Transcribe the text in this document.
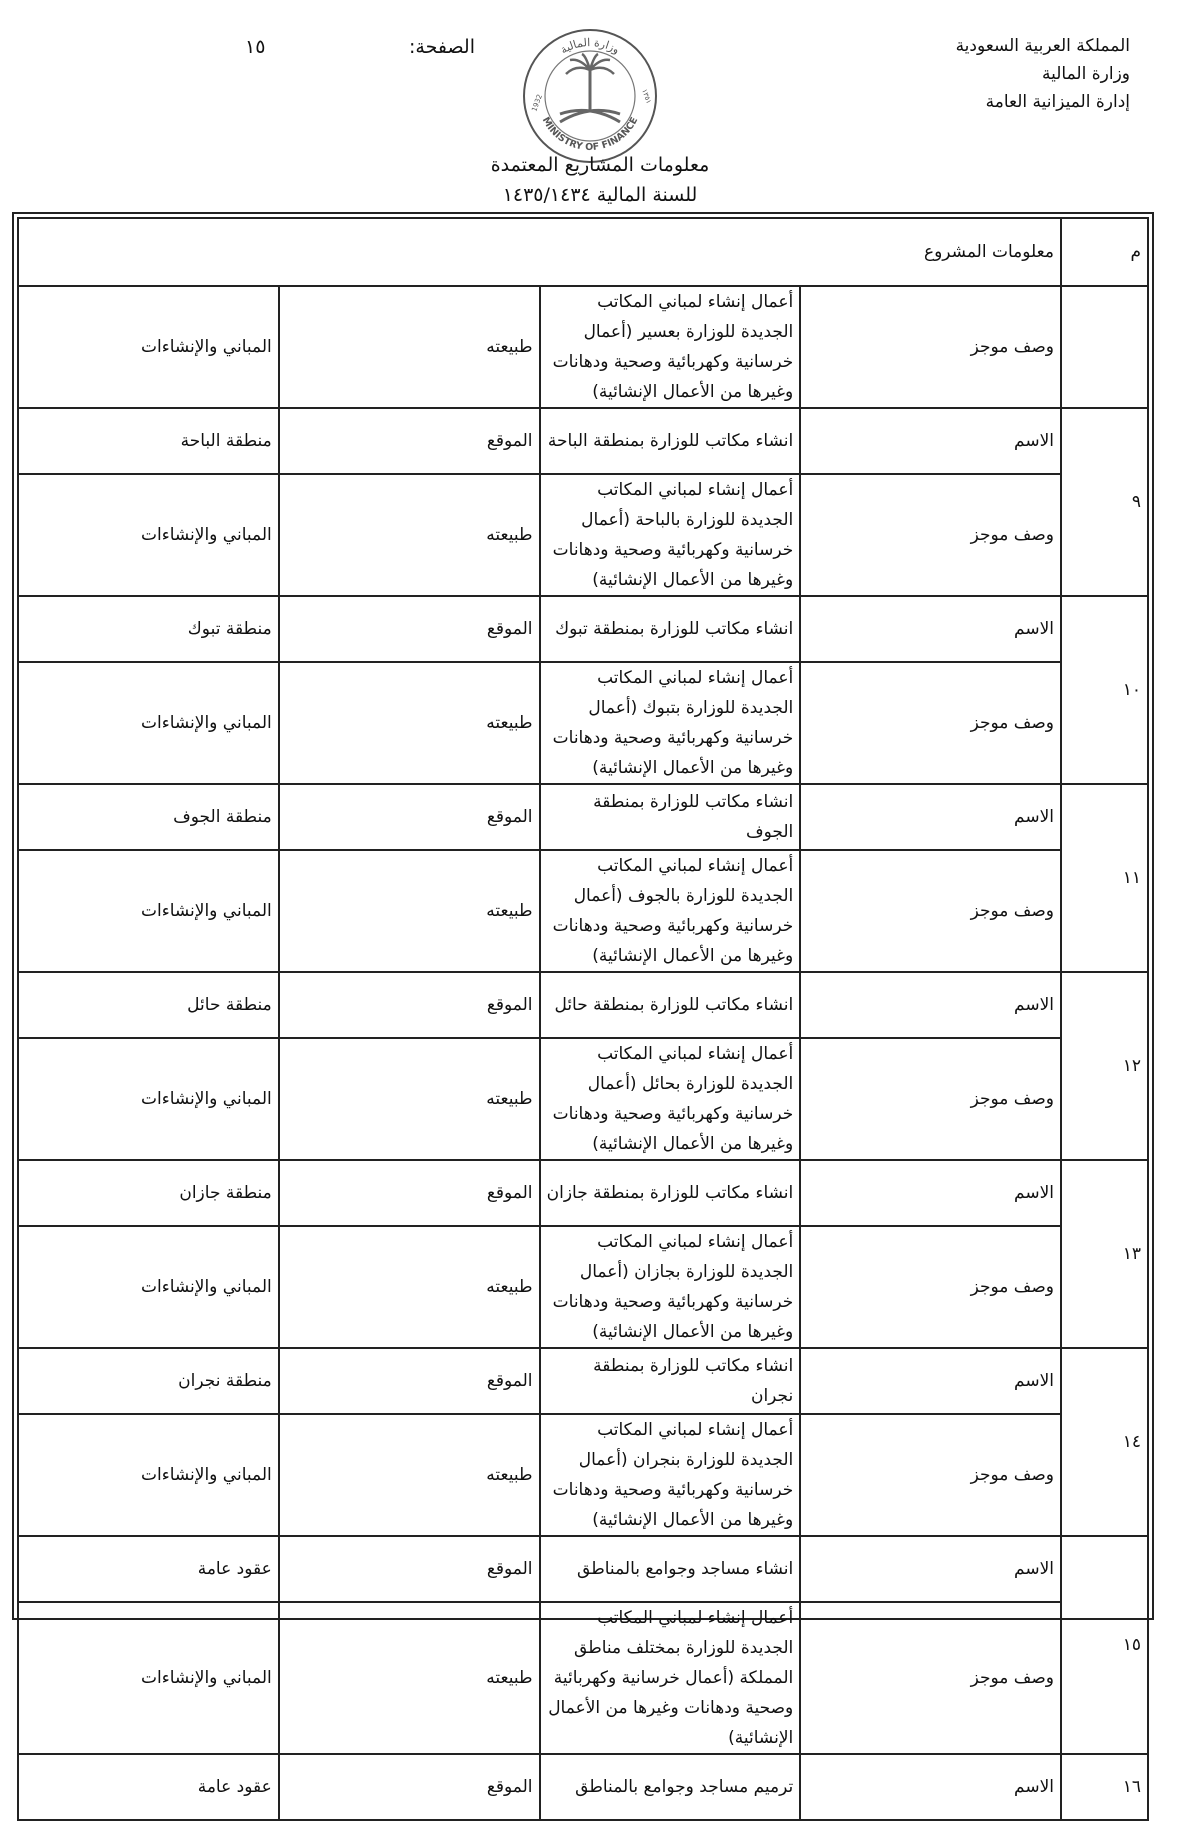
المملكة العربية السعودية
وزارة المالية
إدارة الميزانية العامة
الصفحة:
١٥	وزارة المالية
MINISTRY OF FINANCE
1932	١٣٥١
معلومات المشاريع المعتمدة
للسنة المالية ١٤٣٥/١٤٣٤
م	معلومات المشروع			
	وصف موجز	أعمال إنشاء لمباني المكاتب الجديدة للوزارة بعسير (أعمال خرسانية وكهربائية وصحية ودهانات وغيرها من الأعمال الإنشائية)	طبيعته	المباني والإنشاءات
٩	الاسم	انشاء مكاتب للوزارة بمنطقة الباحة	الموقع	منطقة الباحة
	وصف موجز	أعمال إنشاء لمباني المكاتب الجديدة للوزارة بالباحة (أعمال خرسانية وكهربائية وصحية ودهانات وغيرها من الأعمال الإنشائية)	طبيعته	المباني والإنشاءات
١٠	الاسم	انشاء مكاتب للوزارة بمنطقة تبوك	الموقع	منطقة تبوك
	وصف موجز	أعمال إنشاء لمباني المكاتب الجديدة للوزارة بتبوك (أعمال خرسانية وكهربائية وصحية ودهانات وغيرها من الأعمال الإنشائية)	طبيعته	المباني والإنشاءات
١١	الاسم	انشاء مكاتب للوزارة بمنطقة الجوف	الموقع	منطقة الجوف
	وصف موجز	أعمال إنشاء لمباني المكاتب الجديدة للوزارة بالجوف (أعمال خرسانية وكهربائية وصحية ودهانات وغيرها من الأعمال الإنشائية)	طبيعته	المباني والإنشاءات
١٢	الاسم	انشاء مكاتب للوزارة بمنطقة حائل	الموقع	منطقة حائل
	وصف موجز	أعمال إنشاء لمباني المكاتب الجديدة للوزارة بحائل (أعمال خرسانية وكهربائية وصحية ودهانات وغيرها من الأعمال الإنشائية)	طبيعته	المباني والإنشاءات
١٣	الاسم	انشاء مكاتب للوزارة بمنطقة جازان	الموقع	منطقة جازان
	وصف موجز	أعمال إنشاء لمباني المكاتب الجديدة للوزارة بجازان (أعمال خرسانية وكهربائية وصحية ودهانات وغيرها من الأعمال الإنشائية)	طبيعته	المباني والإنشاءات
١٤	الاسم	انشاء مكاتب للوزارة بمنطقة نجران	الموقع	منطقة نجران
	وصف موجز	أعمال إنشاء لمباني المكاتب الجديدة للوزارة بنجران (أعمال خرسانية وكهربائية وصحية ودهانات وغيرها من الأعمال الإنشائية)	طبيعته	المباني والإنشاءات
١٥	الاسم	انشاء مساجد وجوامع بالمناطق	الموقع	عقود عامة
	وصف موجز	أعمال إنشاء لمباني المكاتب الجديدة للوزارة بمختلف مناطق المملكة (أعمال خرسانية وكهربائية وصحية ودهانات وغيرها من الأعمال الإنشائية)	طبيعته	المباني والإنشاءات
١٦	الاسم	ترميم مساجد وجوامع بالمناطق	الموقع	عقود عامة
